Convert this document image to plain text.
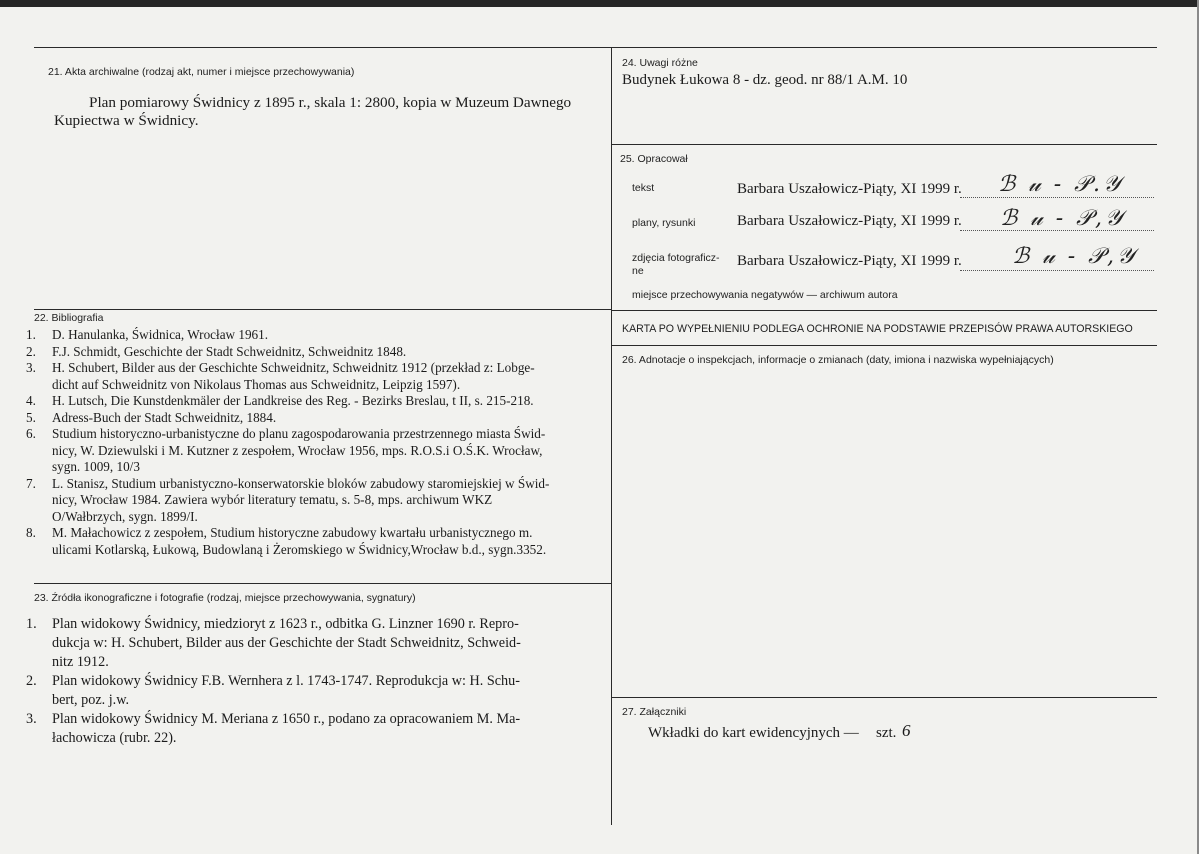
21. Akta archiwalne (rodzaj akt, numer i miejsce przechowywania)
Plan pomiarowy Świdnicy z 1895 r., skala 1: 2800, kopia w Muzeum Dawnego
Kupiectwa w Świdnicy.
22. Bibliografia
1. D. Hanulanka, Świdnica, Wrocław 1961.
2. F.J. Schmidt, Geschichte der Stadt Schweidnitz, Schweidnitz 1848.
3. H. Schubert, Bilder aus der Geschichte Schweidnitz, Schweidnitz 1912 (przekład z: Lobge-
dicht auf Schweidnitz von Nikolaus Thomas aus Schweidnitz, Leipzig 1597).
4. H. Lutsch, Die Kunstdenkmäler der Landkreise des Reg. - Bezirks Breslau, t II, s. 215-218.
5. Adress-Buch der Stadt Schweidnitz, 1884.
6. Studium historyczno-urbanistyczne do planu zagospodarowania przestrzennego miasta Świd-
nicy, W. Dziewulski i M. Kutzner z zespołem, Wrocław 1956, mps. R.O.S.i O.Ś.K. Wrocław,
sygn. 1009, 10/3
7. L. Stanisz, Studium urbanistyczno-konserwatorskie bloków zabudowy staromiejskiej w Świd-
nicy, Wrocław 1984. Zawiera wybór literatury tematu, s. 5-8, mps. archiwum WKZ
O/Wałbrzych, sygn. 1899/I.
8. M. Małachowicz z zespołem, Studium historyczne zabudowy kwartału urbanistycznego m.
ulicami Kotlarską, Łukową, Budowlaną i Żeromskiego w Świdnicy,Wrocław b.d., sygn.3352.
23. Źródła ikonograficzne i fotografie (rodzaj, miejsce przechowywania, sygnatury)
1. Plan widokowy Świdnicy, miedzioryt z 1623 r., odbitka G. Linzner 1690 r. Repro-
dukcja w: H. Schubert, Bilder aus der Geschichte der Stadt Schweidnitz, Schweid-
nitz 1912.
2. Plan widokowy Świdnicy F.B. Wernhera z l. 1743-1747. Reprodukcja w: H. Schu-
bert, poz. j.w.
3. Plan widokowy Świdnicy M. Meriana z 1650 r., podano za opracowaniem M. Ma-
łachowicza (rubr. 22).
24. Uwagi różne
Budynek Łukowa 8 - dz. geod. nr 88/1 A.M. 10
25. Opracował
tekst	Barbara Uszałowicz-Piąty, XI 1999 r. ℬ 𝓊 - 𝒫.𝒴
plany, rysunki	Barbara Uszałowicz-Piąty, XI 1999 r. ℬ 𝓊 - 𝒫,𝒴
zdjęcia fotograficz-
ne
Barbara Uszałowicz-Piąty, XI 1999 r. ℬ 𝓊 - 𝒫,𝒴
miejsce przechowywania negatywów — archiwum autora
KARTA PO WYPEŁNIENIU PODLEGA OCHRONIE NA PODSTAWIE PRZEPISÓW PRAWA AUTORSKIEGO
26. Adnotacje o inspekcjach, informacje o zmianach (daty, imiona i nazwiska wypełniających)
27. Załączniki
Wkładki do kart ewidencyjnych — szt. 6
